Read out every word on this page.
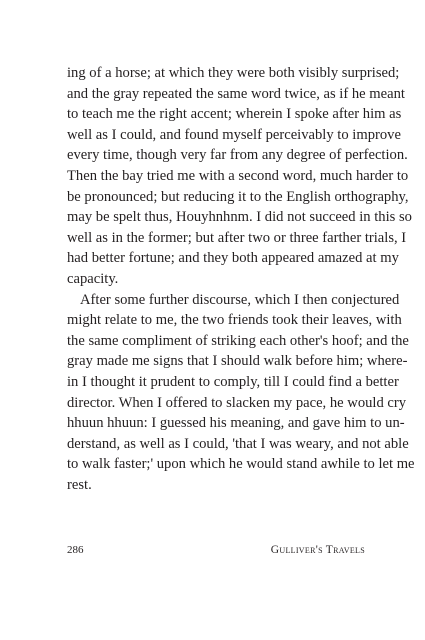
ing of a horse; at which they were both visibly surprised;
and the gray repeated the same word twice, as if he meant
to teach me the right accent; wherein I spoke after him as
well as I could, and found myself perceivably to improve
every time, though very far from any degree of perfection.
Then the bay tried me with a second word, much harder to
be pronounced; but reducing it to the English orthography,
may be spelt thus, Houyhnhnm. I did not succeed in this so
well as in the former; but after two or three farther trials, I
had better fortune; and they both appeared amazed at my
capacity.
After some further discourse, which I then conjectured
might relate to me, the two friends took their leaves, with
the same compliment of striking each other's hoof; and the
gray made me signs that I should walk before him; where-
in I thought it prudent to comply, till I could find a better
director. When I offered to slacken my pace, he would cry
hhuun hhuun: I guessed his meaning, and gave him to un-
derstand, as well as I could, 'that I was weary, and not able
to walk faster;' upon which he would stand awhile to let me
rest.
286	Gulliver's Travels
